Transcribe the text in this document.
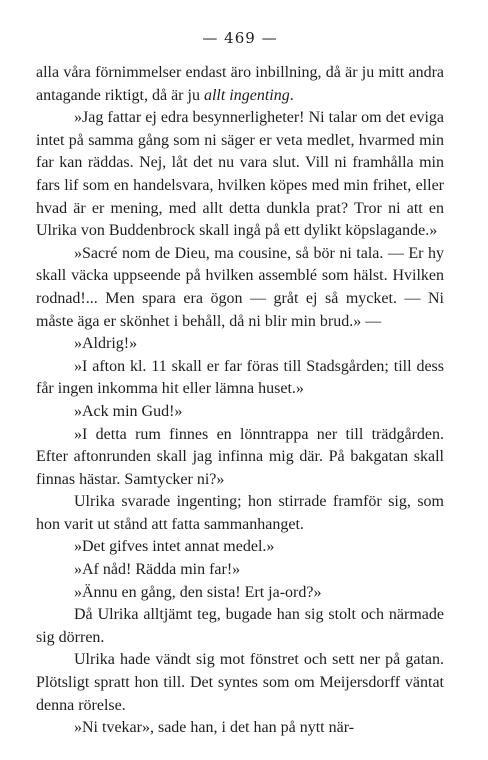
— 469 —

alla våra förnimmelser endast äro inbillning, då är ju mitt andra antagande riktigt, då är ju allt ingenting.

»Jag fattar ej edra besynnerligheter! Ni talar om det eviga intet på samma gång som ni säger er veta medlet, hvarmed min far kan räddas. Nej, låt det nu vara slut. Vill ni framhålla min fars lif som en handelsvara, hvilken köpes med min frihet, eller hvad är er mening, med allt detta dunkla prat? Tror ni att en Ulrika von Buddenbrock skall ingå på ett dylikt köpslagande.»

»Sacré nom de Dieu, ma cousine, så bör ni tala. — Er hy skall väcka uppseende på hvilken assemblé som hälst. Hvilken rodnad!... Men spara era ögon — gråt ej så mycket. — Ni måste äga er skönhet i behåll, då ni blir min brud.» —

»Aldrig!»

»I afton kl. 11 skall er far föras till Stadsgården; till dess får ingen inkomma hit eller lämna huset.»

»Ack min Gud!»

»I detta rum finnes en lönntrappa ner till trädgården. Efter aftonrunden skall jag infinna mig där. På bakgatan skall finnas hästar. Samtycker ni?»

Ulrika svarade ingenting; hon stirrade framför sig, som hon varit ut stånd att fatta sammanhanget.

»Det gifves intet annat medel.»

»Af nåd! Rädda min far!»

»Ännu en gång, den sista! Ert ja-ord?»

Då Ulrika alltjämt teg, bugade han sig stolt och närmade sig dörren.

Ulrika hade vändt sig mot fönstret och sett ner på gatan. Plötsligt spratt hon till. Det syntes som om Meijersdorff väntat denna rörelse.

»Ni tvekar», sade han, i det han på nytt när-
